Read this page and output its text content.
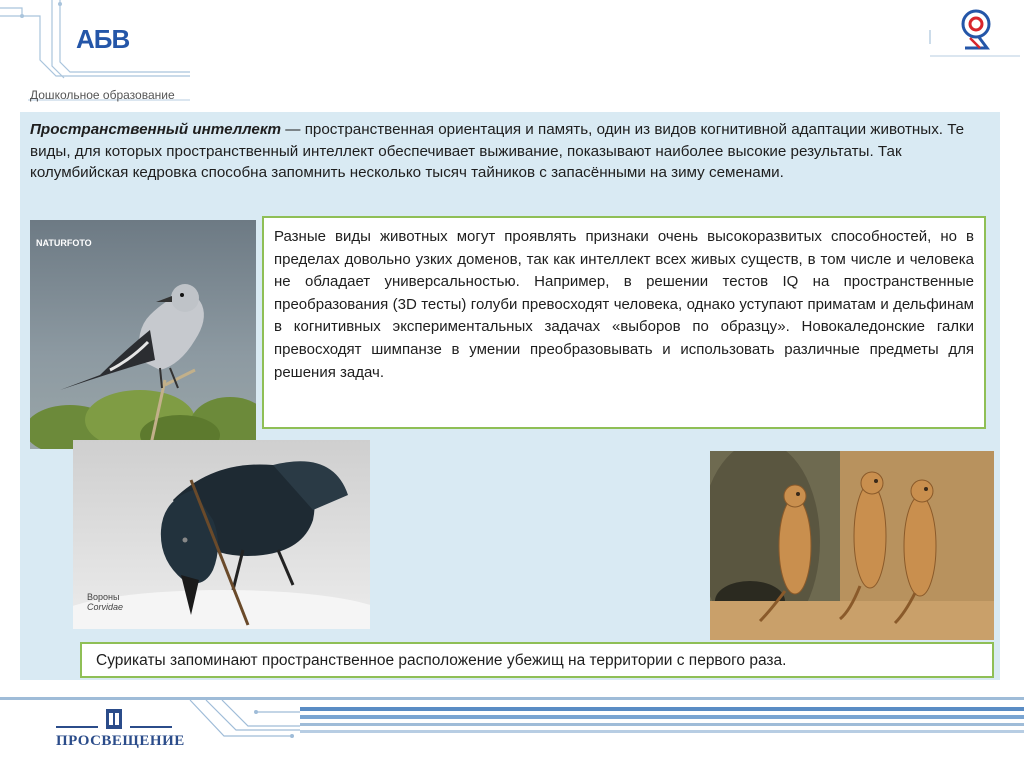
АБВ
Дошкольное образование
Пространственный интеллект — пространственная ориентация и память, один из видов когнитивной адаптации животных. Те виды, для которых пространственный интеллект обеспечивает выживание, показывают наиболее высокие результаты. Так колумбийская кедровка способна запомнить несколько тысяч тайников с запасёнными на зиму семенами.
NATURFOTO
Вороны
Corvidae
Разные виды животных могут проявлять признаки очень высокоразвитых способностей, но в пределах довольно узких доменов, так как интеллект всех живых существ, в том числе и человека не обладает универсальностью. Например, в решении тестов IQ на пространственные преобразования (3D тесты) голуби превосходят человека, однако уступают приматам и дельфинам в когнитивных экспериментальных задачах «выборов по образцу». Новокаледонские галки превосходят шимпанзе в умении преобразовывать и использовать различные предметы для решения задач.
Сурикаты запоминают пространственное расположение убежищ на территории с первого раза.
ПРОСВЕЩЕНИЕ
